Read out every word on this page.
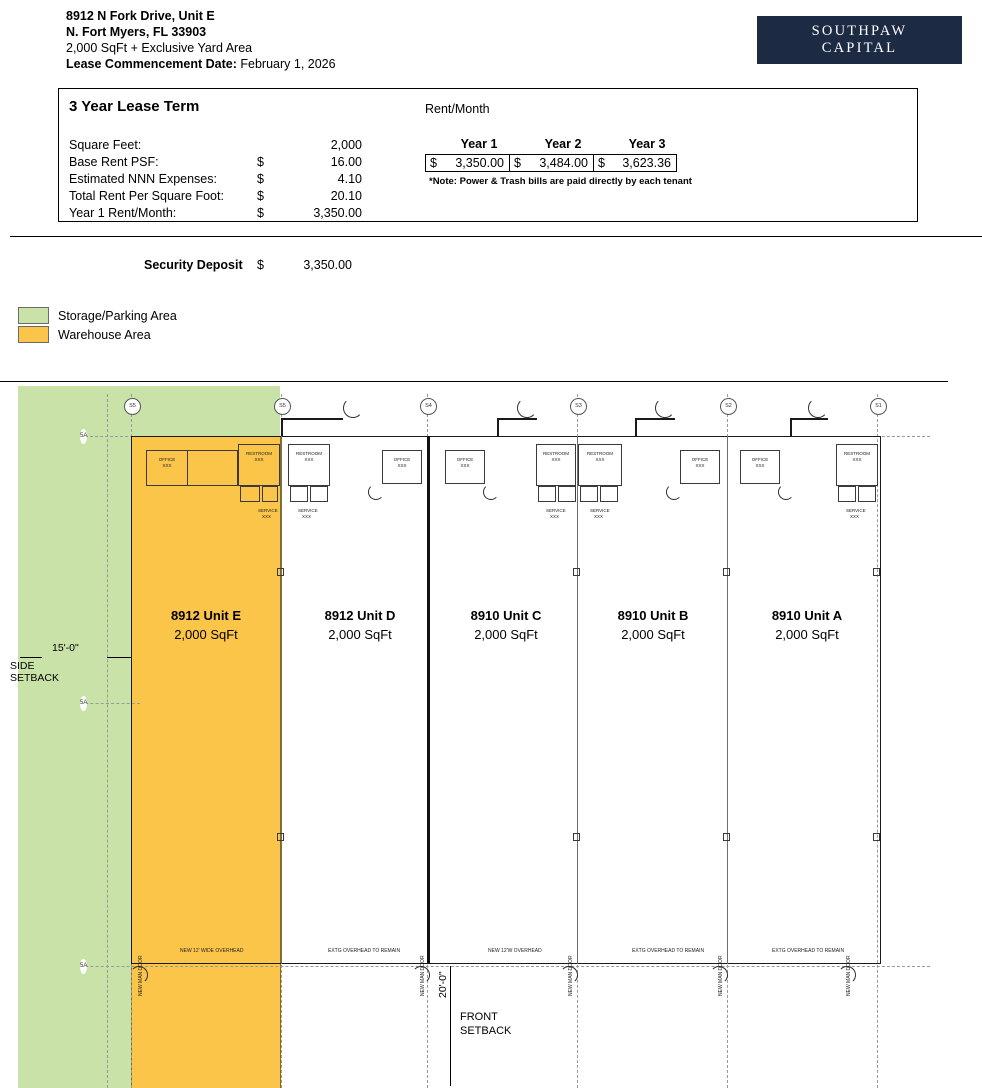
8912 N Fork Drive, Unit E
N. Fort Myers, FL 33903
2,000 SqFt + Exclusive Yard Area
Lease Commencement Date: February 1, 2026
SOUTHPAW
CAPITAL
3 Year Lease Term	Rent/Month
Square Feet:	2,000
Base Rent PSF:	$	16.00
Estimated NNN Expenses:	$	4.10
Total Rent Per Square Foot:	$	20.10
Year 1 Rent/Month:	$	3,350.00
Year 1	Year 2	Year 3
$ 3,350.00 $ 3,484.00 $ 3,623.36
*Note: Power & Trash bills are paid directly by each tenant
Security Deposit $	3,350.00
Storage/Parking Area
Warehouse Area
S5	S5	S4	S3	S2	S1
5A
5A
5A
OFFICE
XXX
RESTROOM
XXX
SERVICE
XXX
RESTROOM
XXX
SERVICE
XXX
OFFICE
XXX
OFFICE
XXX
RESTROOM
XXX
RESTROOM
XXX
SERVICE
XXX
SERVICE
XXX
OFFICE
XXX
OFFICE
XXX
RESTROOM
XXX
SERVICE
XXX
8912 Unit E
2,000 SqFt
8912 Unit D
2,000 SqFt
8910 Unit C
2,000 SqFt
8910 Unit B
2,000 SqFt
8910 Unit A
2,000 SqFt
NEW 12' WIDE OVERHEAD	EXTG OVERHEAD TO REMAIN	NEW 12'W OVERHEAD	EXTG OVERHEAD TO REMAIN	EXTG OVERHEAD TO REMAIN
NEW MAN DOOR	NEW MAN DOOR	NEW MAN DOOR	NEW MAN DOOR	NEW MAN DOOR
15'-0"
SIDE
SETBACK
20'-0"
FRONT
SETBACK
